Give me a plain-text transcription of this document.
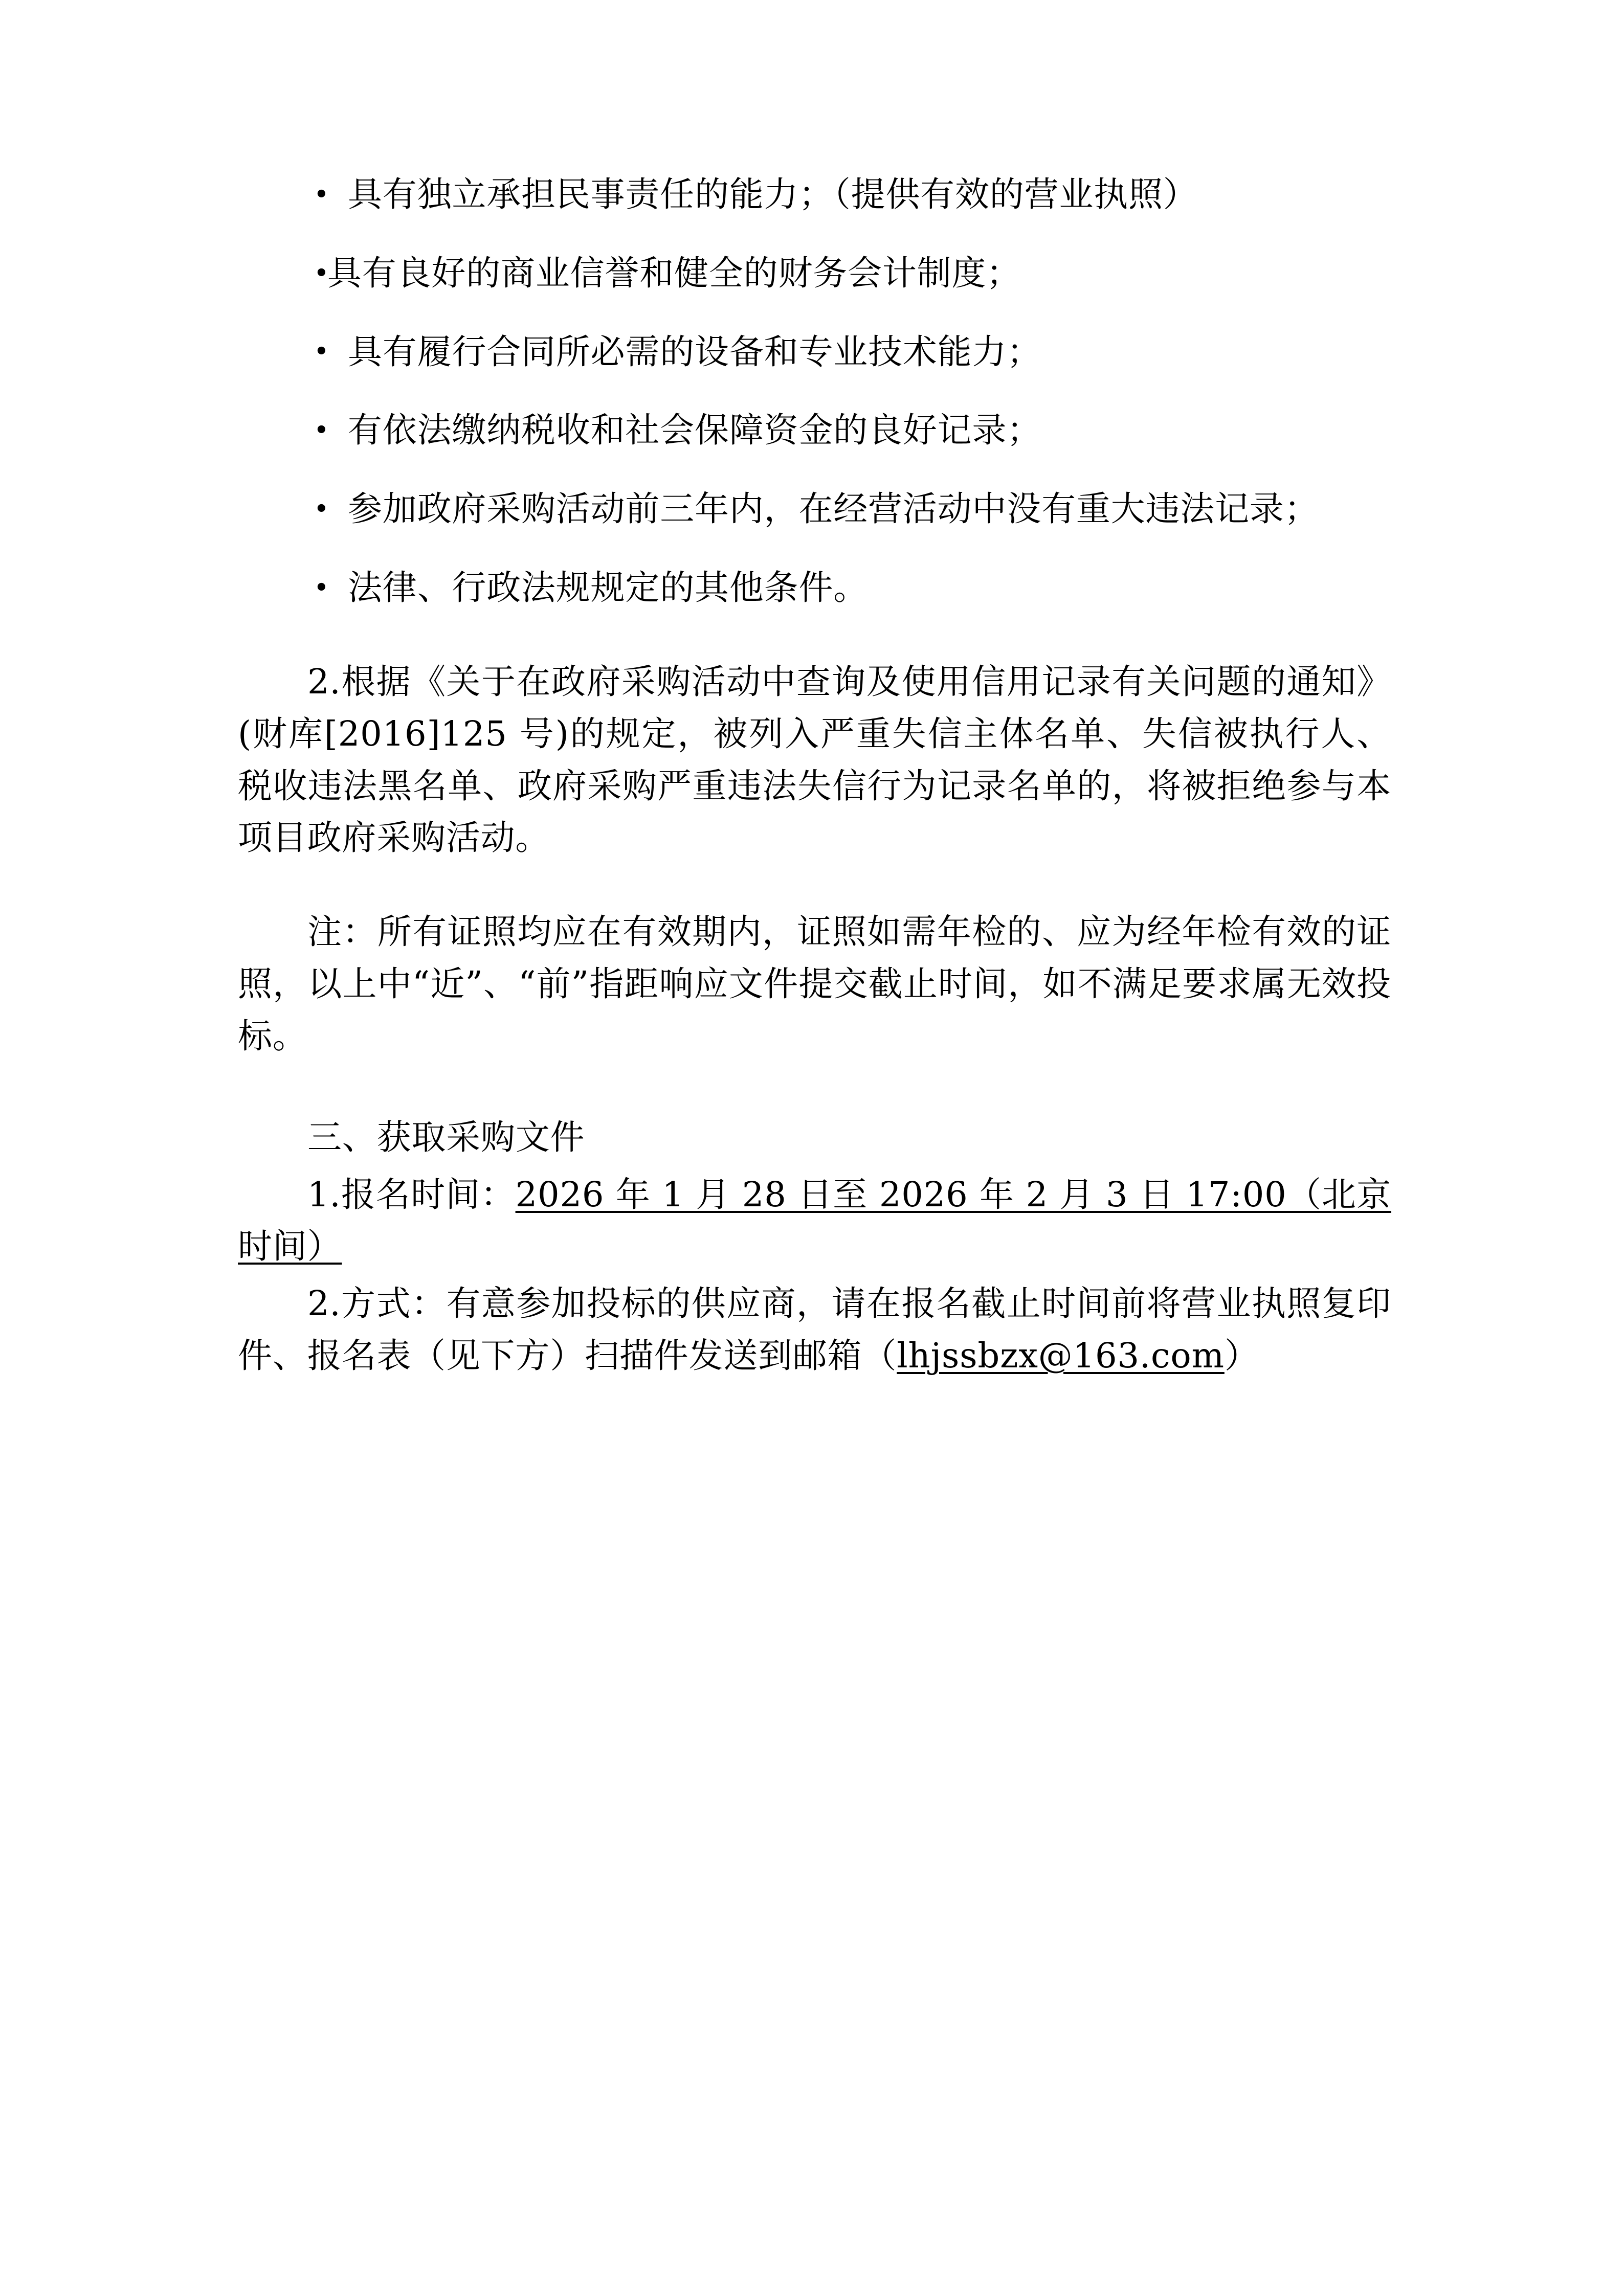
• 具有独立承担民事责任的能力；（提供有效的营业执照）
•具有良好的商业信誉和健全的财务会计制度；
• 具有履行合同所必需的设备和专业技术能力；
• 有依法缴纳税收和社会保障资金的良好记录；
• 参加政府采购活动前三年内，在经营活动中没有重大违法记录；
• 法律、行政法规规定的其他条件。

2.根据《关于在政府采购活动中查询及使用信用记录有关问题的通知》(财库[2016]125 号)的规定，被列入严重失信主体名单、失信被执行人、税收违法黑名单、政府采购严重违法失信行为记录名单的，将被拒绝参与本项目政府采购活动。

注：所有证照均应在有效期内，证照如需年检的、应为经年检有效的证照，以上中“近”、“前”指距响应文件提交截止时间，如不满足要求属无效投标。

三、获取采购文件

1.报名时间：2026 年 1 月 28 日至 2026 年 2 月 3 日 17:00（北京时间）

2.方式：有意参加投标的供应商，请在报名截止时间前将营业执照复印件、报名表（见下方）扫描件发送到邮箱（lhjssbzx@163.com）
